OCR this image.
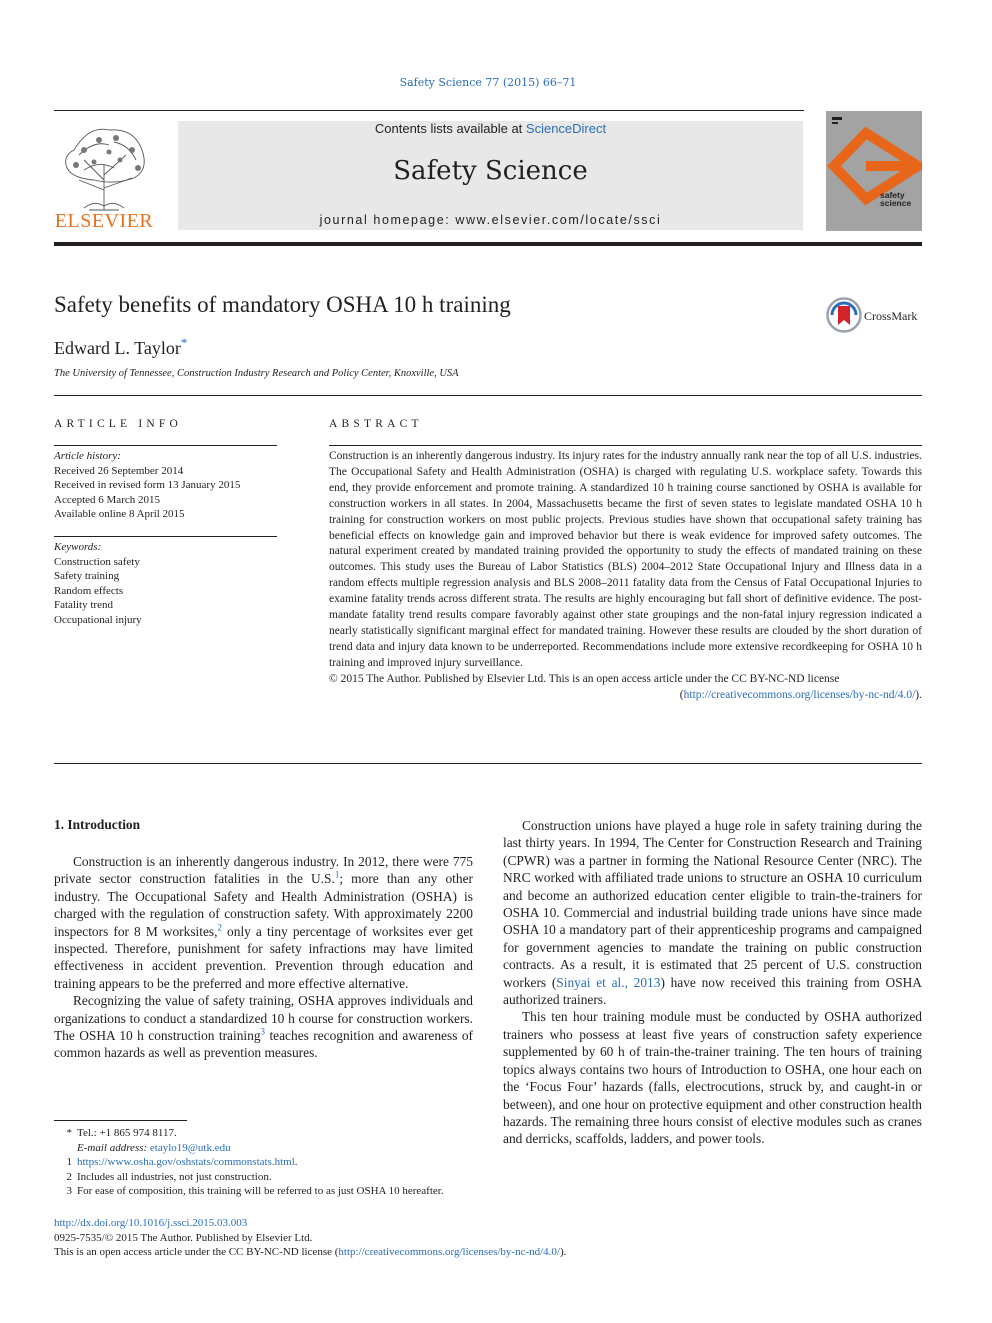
Safety Science 77 (2015) 66–71
ELSEVIER
Contents lists available at ScienceDirect
Safety Science
journal homepage: www.elsevier.com/locate/ssci
safety
science
Safety benefits of mandatory OSHA 10 h training	CrossMark
Edward L. Taylor*
The University of Tennessee, Construction Industry Research and Policy Center, Knoxville, USA
ARTICLE INFO
Article history:
Received 26 September 2014
Received in revised form 13 January 2015
Accepted 6 March 2015
Available online 8 April 2015
Keywords:
Construction safety
Safety training
Random effects
Fatality trend
Occupational injury
ABSTRACT
Construction is an inherently dangerous industry. Its injury rates for the industry annually rank near the top of all U.S. industries. The Occupational Safety and Health Administration (OSHA) is charged with regulating U.S. workplace safety. Towards this end, they provide enforcement and promote training. A standardized 10 h training course sanctioned by OSHA is available for construction workers in all states. In 2004, Massachusetts became the first of seven states to legislate mandated OSHA 10 h training for construction workers on most public projects. Previous studies have shown that occupational safety training has beneficial effects on knowledge gain and improved behavior but there is weak evidence for improved safety outcomes. The natural experiment created by mandated training provided the opportunity to study the effects of mandated training on these outcomes. This study uses the Bureau of Labor Statistics (BLS) 2004–2012 State Occupational Injury and Illness data in a random effects multiple regression analysis and BLS 2008–2011 fatality data from the Census of Fatal Occupational Injuries to examine fatality trends across different strata. The results are highly encouraging but fall short of definitive evidence. The post-mandate fatality trend results compare favorably against other state groupings and the non-fatal injury regression indicated a nearly statistically significant marginal effect for mandated training. However these results are clouded by the short duration of trend data and injury data known to be underreported. Recommendations include more extensive recordkeeping for OSHA 10 h training and improved injury surveillance.
© 2015 The Author. Published by Elsevier Ltd. This is an open access article under the CC BY-NC-ND license
(http://creativecommons.org/licenses/by-nc-nd/4.0/).
1. Introduction

Construction is an inherently dangerous industry. In 2012, there were 775 private sector construction fatalities in the U.S.$^1$; more than any other industry. The Occupational Safety and Health Administration (OSHA) is charged with the regulation of construction safety. With approximately 2200 inspectors for 8 M worksites,$^2$ only a tiny percentage of worksites ever get inspected. Therefore, punishment for safety infractions may have limited effectiveness in accident prevention. Prevention through education and training appears to be the preferred and more effective alternative.

Recognizing the value of safety training, OSHA approves individuals and organizations to conduct a standardized 10 h course for construction workers. The OSHA 10 h construction training$^3$ teaches recognition and awareness of common hazards as well as prevention measures.

Construction unions have played a huge role in safety training during the last thirty years. In 1994, The Center for Construction Research and Training (CPWR) was a partner in forming the National Resource Center (NRC). The NRC worked with affiliated trade unions to structure an OSHA 10 curriculum and become an authorized education center eligible to train-the-trainers for OSHA 10. Commercial and industrial building trade unions have since made OSHA 10 a mandatory part of their apprenticeship programs and campaigned for government agencies to mandate the training on public construction contracts. As a result, it is estimated that 25 percent of U.S. construction workers (Sinyai et al., 2013) have now received this training from OSHA authorized trainers.

This ten hour training module must be conducted by OSHA authorized trainers who possess at least five years of construction safety experience supplemented by 60 h of train-the-trainer training. The ten hours of training topics always contains two hours of Introduction to OSHA, one hour each on the ‘Focus Four’ hazards (falls, electrocutions, struck by, and caught-in or between), and one hour on protective equipment and other construction health hazards. The remaining three hours consist of elective modules such as cranes and derricks, scaffolds, ladders, and power tools.

* Tel.: +1 865 974 8117.
E-mail address:
etaylo19@utk.edu
1 https://www.osha.gov/oshstats/commonstats.html .
2 Includes all industries, not just construction.
3 For ease of composition, this training will be referred to as just OSHA 10 hereafter.
http://dx.doi.org/10.1016/j.ssci.2015.03.003
0925-7535/© 2015 The Author. Published by Elsevier Ltd.
This is an open access article under the CC BY-NC-ND license (http://creativecommons.org/licenses/by-nc-nd/4.0/).
